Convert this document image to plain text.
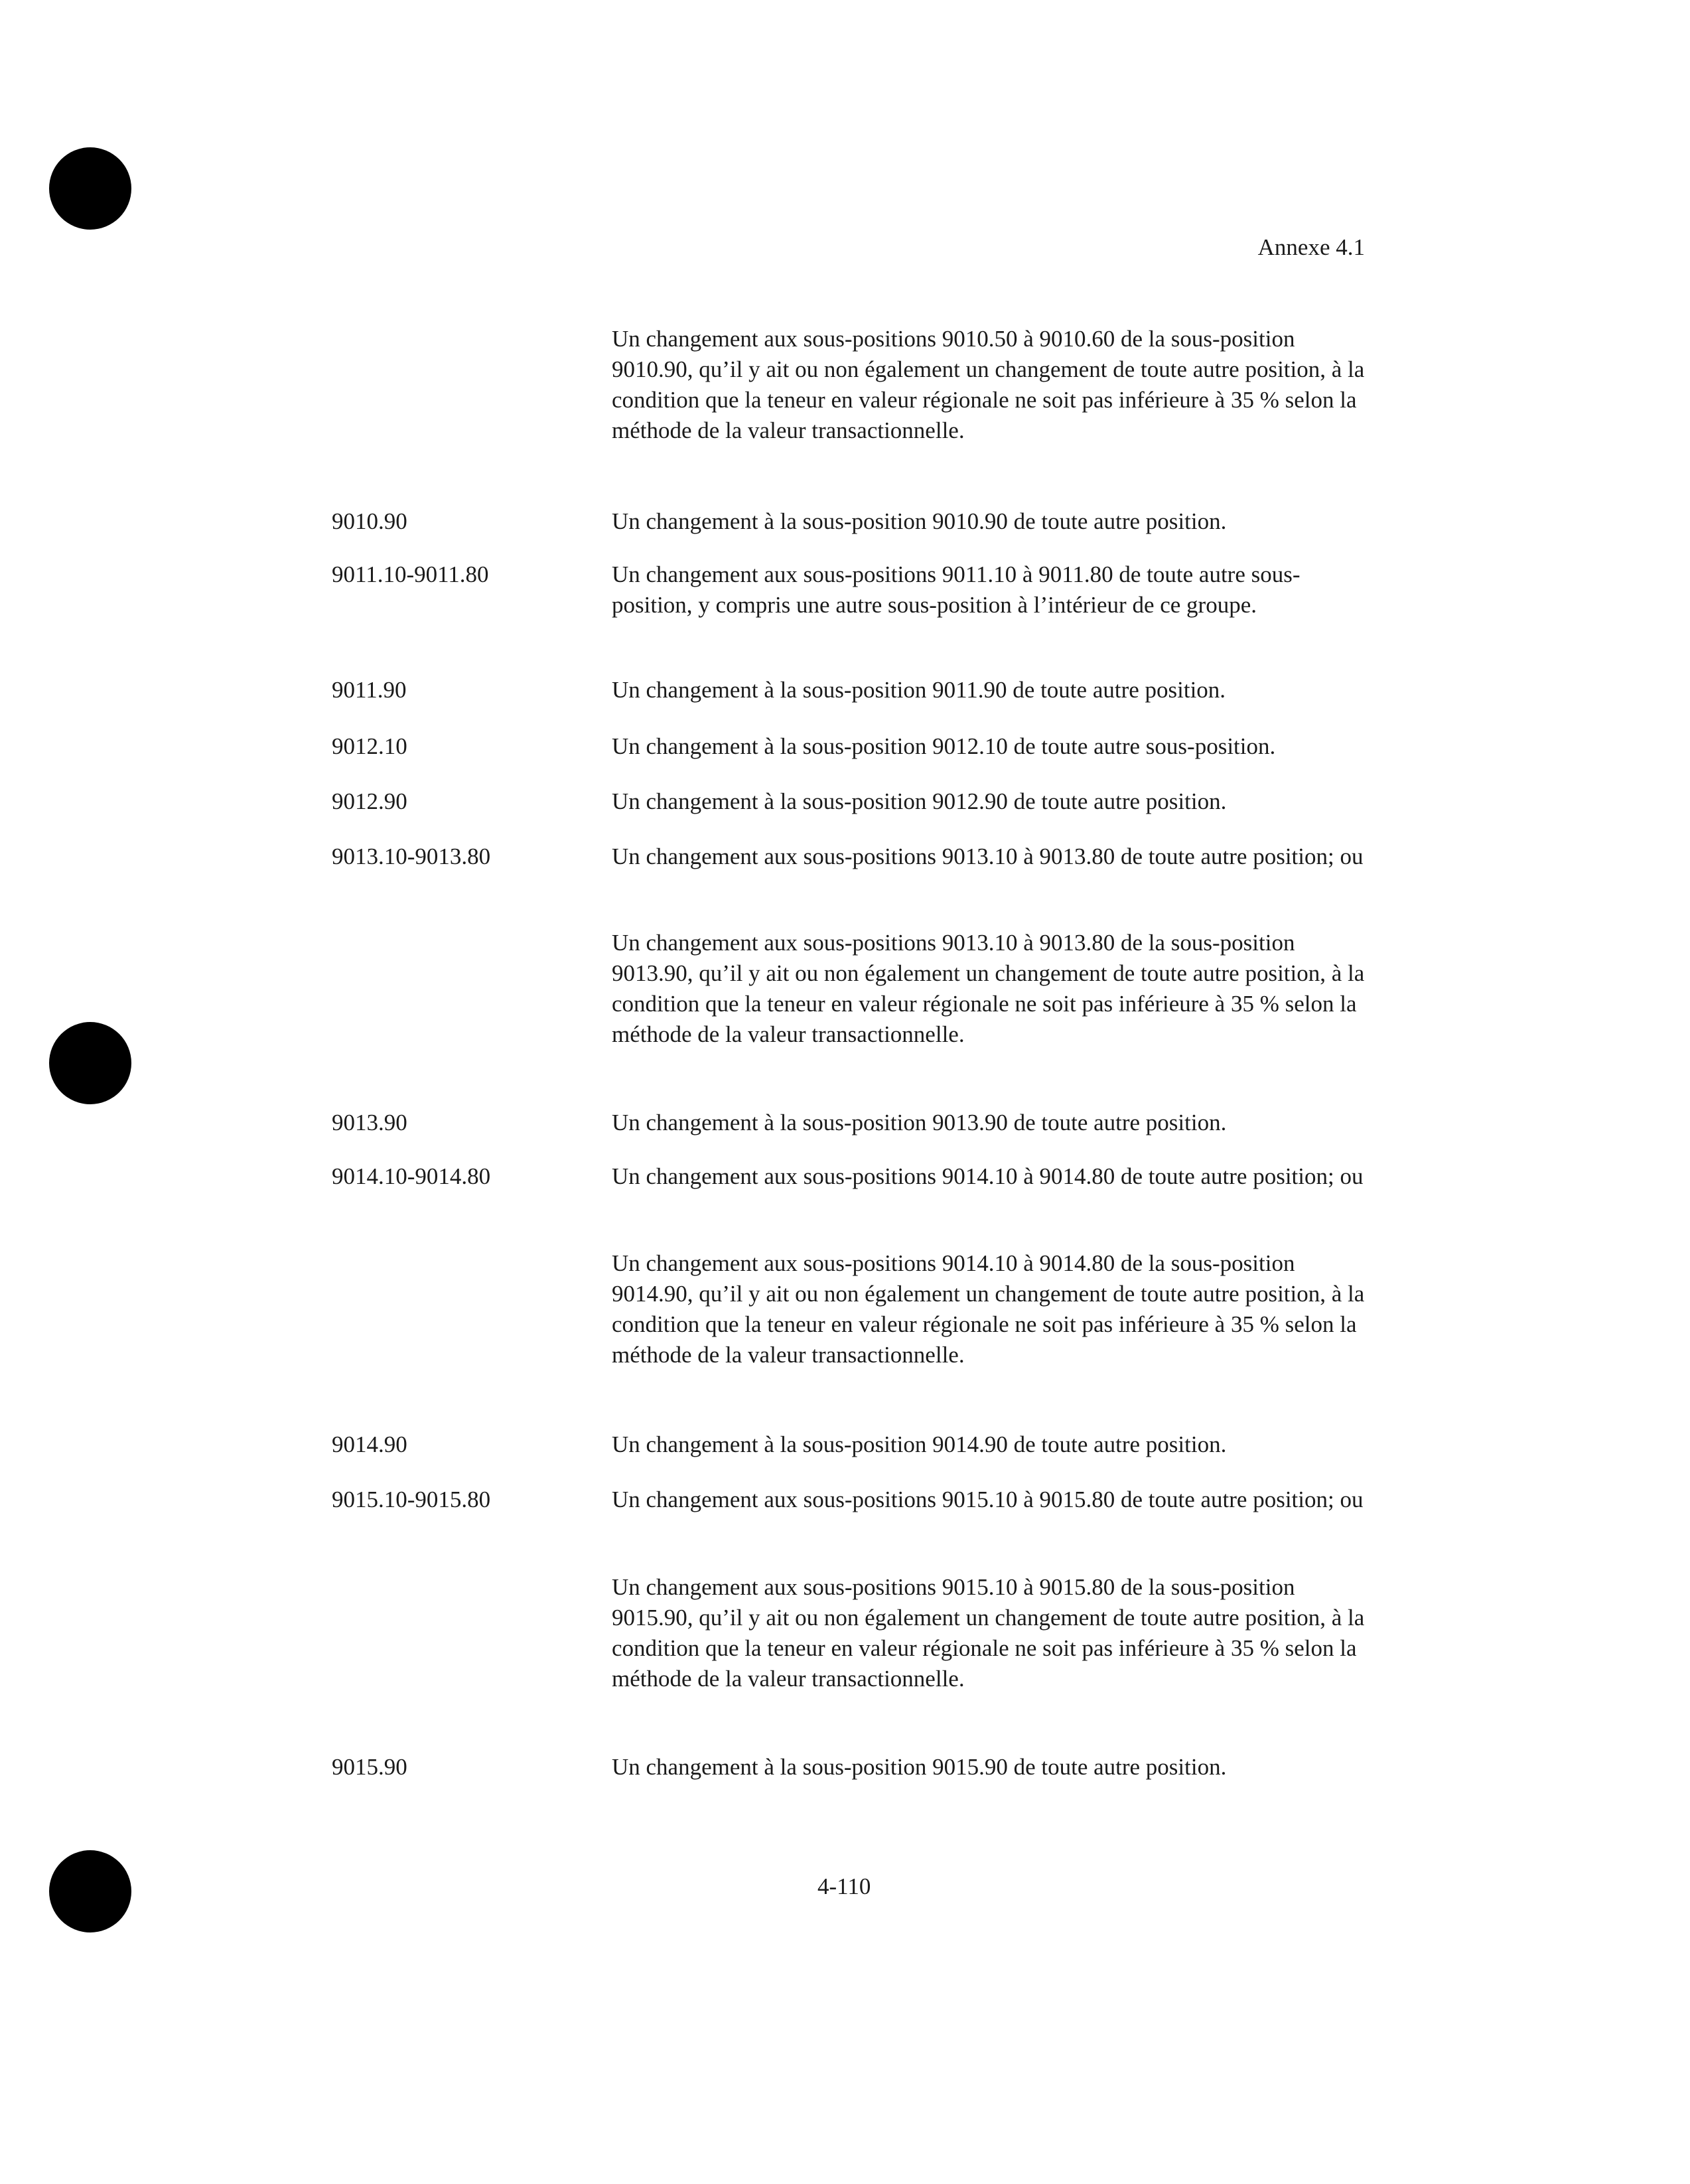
Annexe 4.1
Un changement aux sous-positions 9010.50 à 9010.60 de la sous-position 9010.90, qu’il y ait ou non également un changement de toute autre position, à la condition que la teneur en valeur régionale ne soit pas inférieure à 35 % selon la méthode de la valeur transactionnelle.
9010.90	Un changement à la sous-position 9010.90 de toute autre position.
9011.10-9011.80	Un changement aux sous-positions 9011.10 à 9011.80 de toute autre sous-position, y compris une autre sous-position à l’intérieur de ce groupe.
9011.90	Un changement à la sous-position 9011.90 de toute autre position.
9012.10	Un changement à la sous-position 9012.10 de toute autre sous-position.
9012.90	Un changement à la sous-position 9012.90 de toute autre position.
9013.10-9013.80	Un changement aux sous-positions 9013.10 à 9013.80 de toute autre position; ou
Un changement aux sous-positions 9013.10 à 9013.80 de la sous-position 9013.90, qu’il y ait ou non également un changement de toute autre position, à la condition que la teneur en valeur régionale ne soit pas inférieure à 35 % selon la méthode de la valeur transactionnelle.
9013.90	Un changement à la sous-position 9013.90 de toute autre position.
9014.10-9014.80	Un changement aux sous-positions 9014.10 à 9014.80 de toute autre position; ou
Un changement aux sous-positions 9014.10 à 9014.80 de la sous-position 9014.90, qu’il y ait ou non également un changement de toute autre position, à la condition que la teneur en valeur régionale ne soit pas inférieure à 35 % selon la méthode de la valeur transactionnelle.
9014.90	Un changement à la sous-position 9014.90 de toute autre position.
9015.10-9015.80	Un changement aux sous-positions 9015.10 à 9015.80 de toute autre position; ou
Un changement aux sous-positions 9015.10 à 9015.80 de la sous-position 9015.90, qu’il y ait ou non également un changement de toute autre position, à la condition que la teneur en valeur régionale ne soit pas inférieure à 35 % selon la méthode de la valeur transactionnelle.
9015.90	Un changement à la sous-position 9015.90 de toute autre position.
4-110
